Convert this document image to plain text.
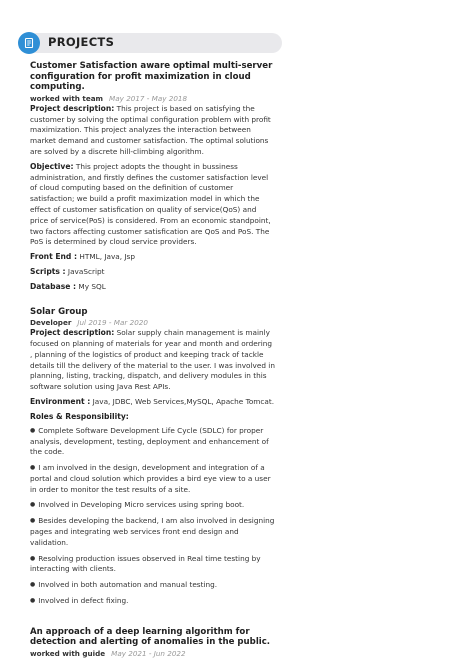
PROJECTS
Customer Satisfaction aware optimal multi-server configuration for profit maximization in cloud computing.
worked with team May 2017 - May 2018

Project description: This project is based on satisfying the customer by solving the optimal configuration problem with profit maximization. This project analyzes the interaction between market demand and customer satisfaction. The optimal solutions are solved by a discrete hill-climbing algorithm.

Objective: This project adopts the thought in bussiness administration, and firstly defines the customer satisfaction level of cloud computing based on the definition of customer satisfaction; we build a profit maximization model in which the effect of customer satisfication on quality of service(QoS) and price of service(PoS) is considered. From an economic standpoint, two factors affecting customer satisfication are QoS and PoS. The PoS is determined by cloud service providers.

Front End : HTML, Java, Jsp
Scripts : JavaScript
Database : My SQL
Solar Group
Developer Jul 2019 - Mar 2020

Project description: Solar supply chain management is mainly focused on planning of materials for year and month and ordering , planning of the logistics of product and keeping track of tackle details till the delivery of the material to the user. I was involved in planning, listing, tracking, dispatch, and delivery modules in this software solution using Java Rest APIs.

Environment : Java, JDBC, Web Services,MySQL, Apache Tomcat.
Roles & Responsibility:
● Complete Software Development Life Cycle (SDLC) for proper analysis, development, testing, deployment and enhancement of the code.
● I am involved in the design, development and integration of a portal and cloud solution which provides a bird eye view to a user in order to monitor the test results of a site.
● Involved in Developing Micro services using spring boot.
● Besides developing the backend, I am also involved in designing pages and integrating web services front end design and validation.
● Resolving production issues observed in Real time testing by interacting with clients.
● Involved in both automation and manual testing.
● Involved in defect fixing.
An approach of a deep learning algorithm for detection and alerting of anomalies in the public.
worked with guide May 2021 - Jun 2022
